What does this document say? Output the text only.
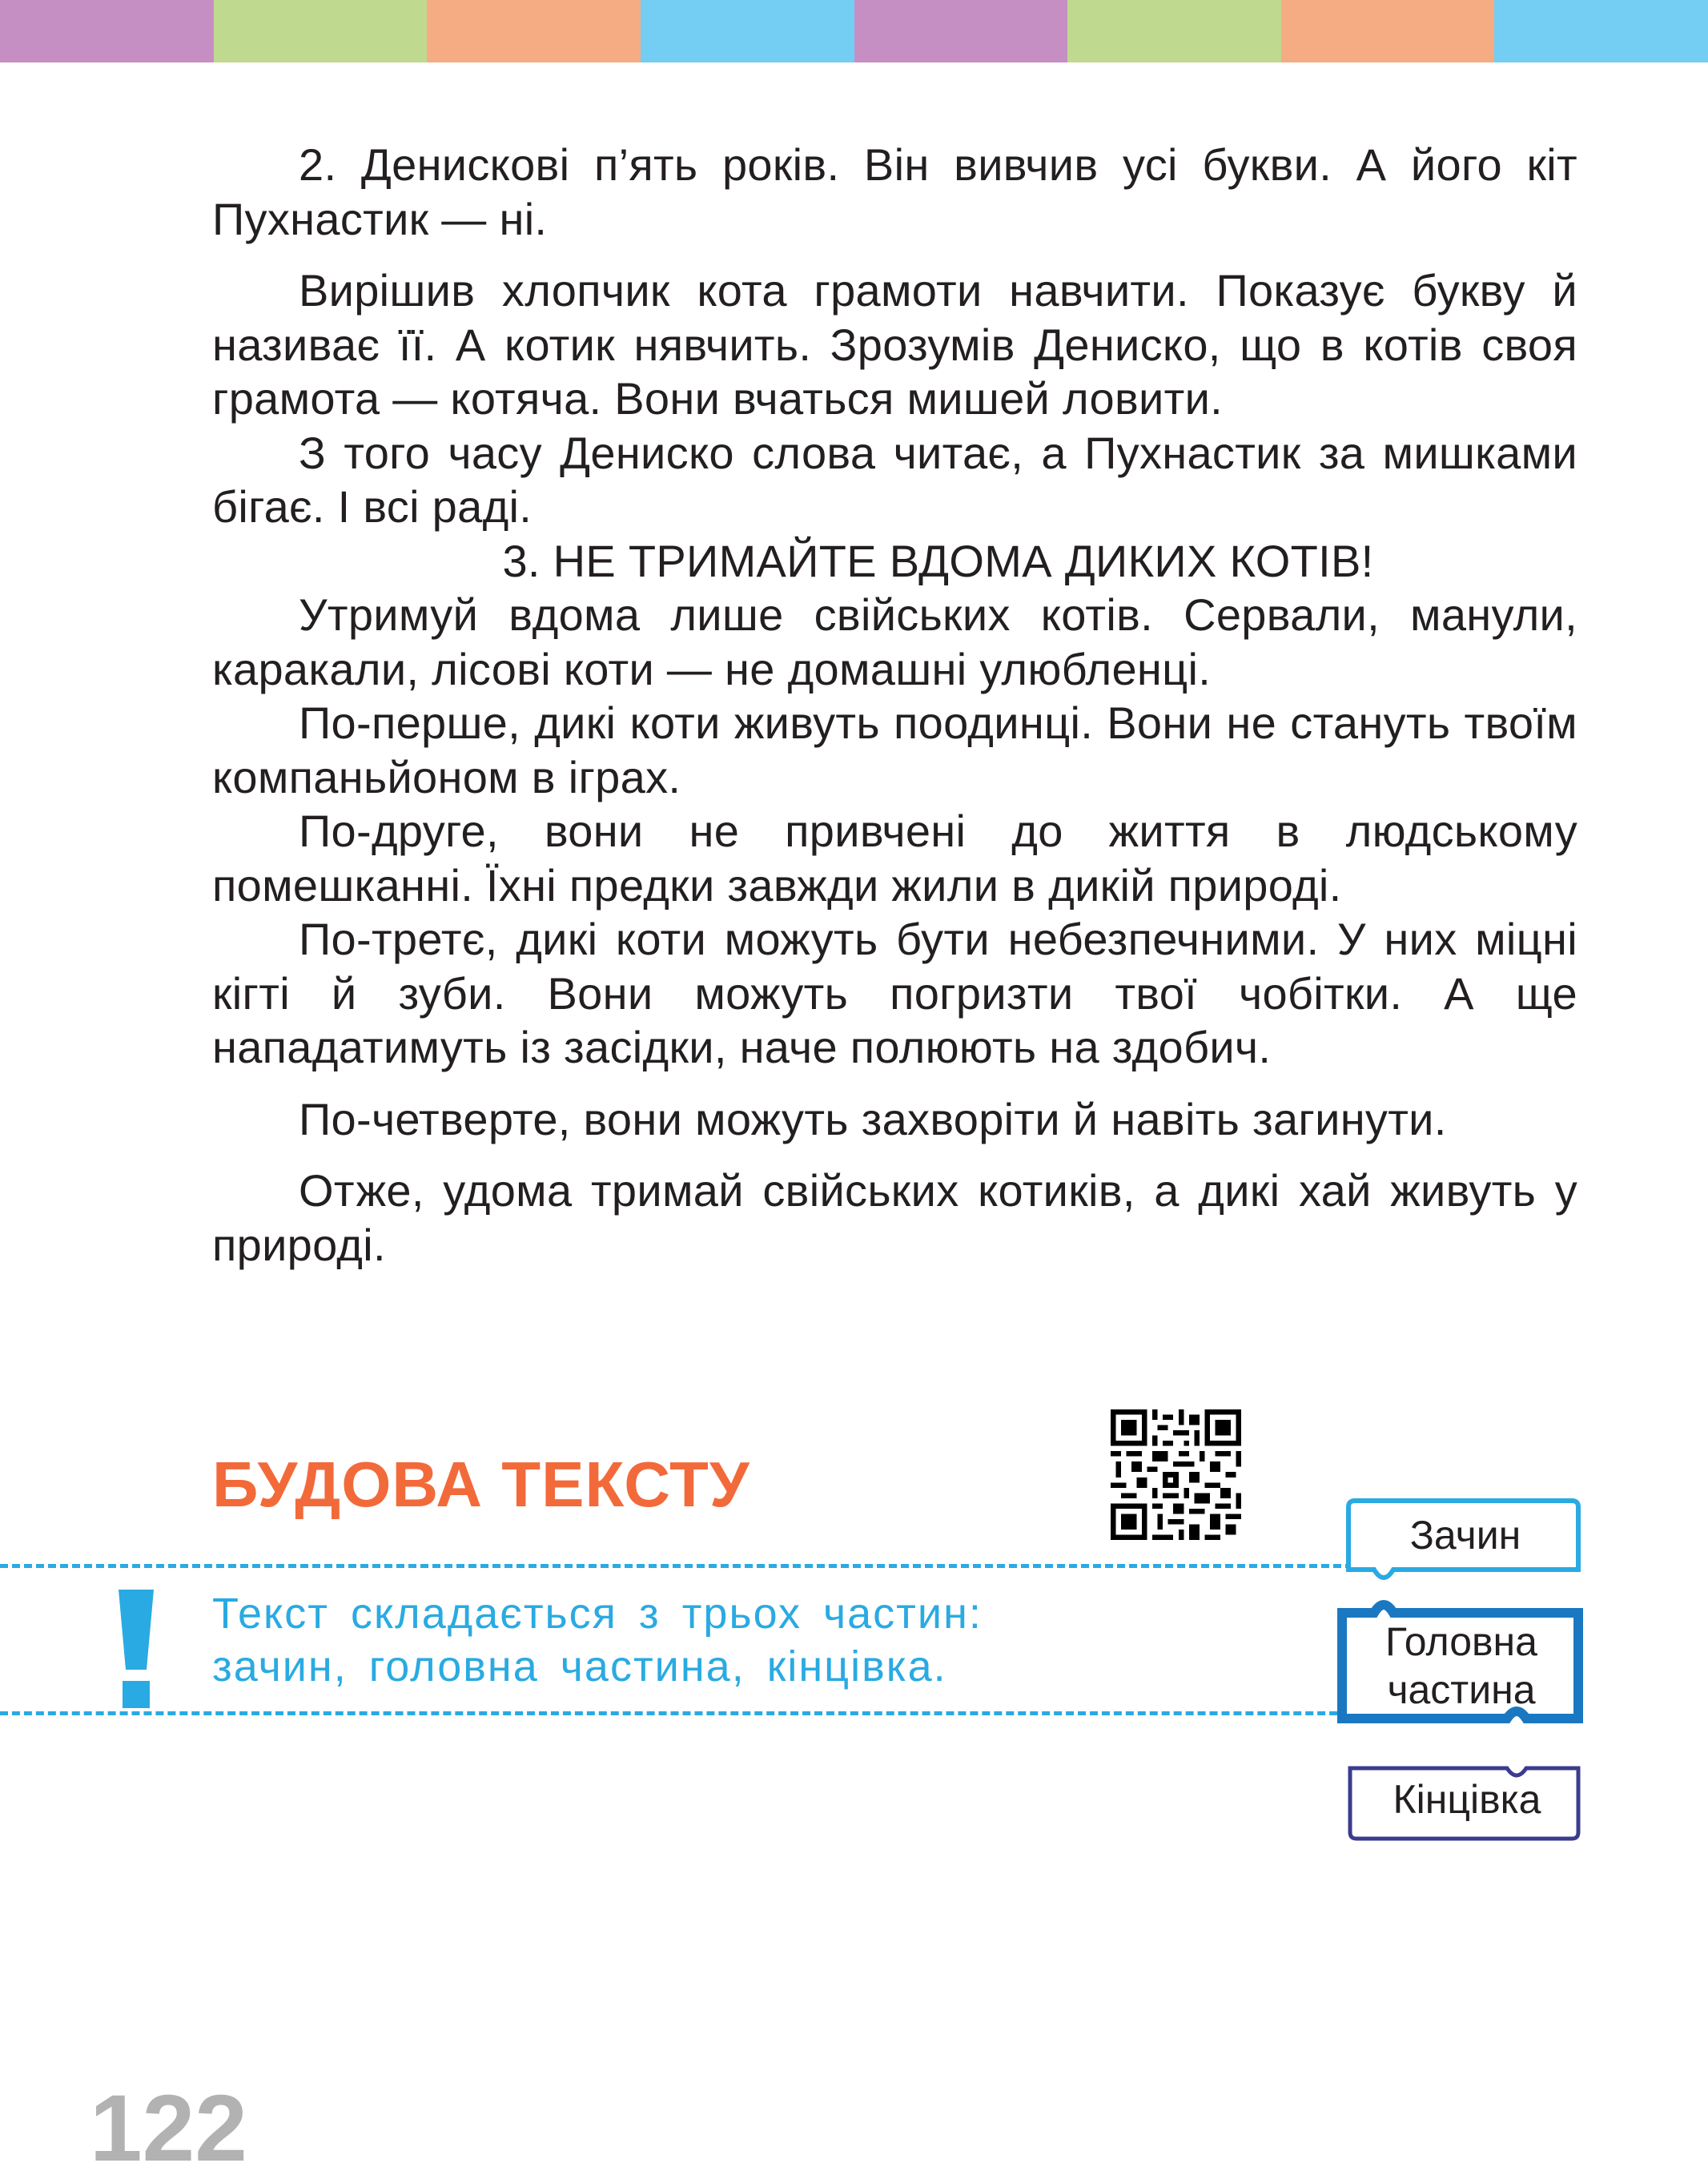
2. Денискові п’ять років. Він вивчив усі букви. А його кіт Пухнастик — ні.

Вирішив хлопчик кота грамоти навчити. Показує букву й називає її. А котик нявчить. Зрозумів Дениско, що в котів своя грамота — котяча. Вони вчаться мишей ловити.

З того часу Дениско слова читає, а Пухнастик за мишками бігає. І всі раді.

3. НЕ ТРИМАЙТЕ ВДОМА ДИКИХ КОТІВ!

Утримуй вдома лише свійських котів. Сервали, манули, каракали, лісові коти — не домашні улюбленці.

По-перше, дикі коти живуть поодинці. Вони не стануть твоїм компаньйоном в іграх.

По-друге, вони не привчені до життя в людському помешканні. Їхні предки завжди жили в дикій природі.

По-третє, дикі коти можуть бути небезпечними. У них міцні кігті й зуби. Вони можуть погризти твої чобітки. А ще нападатимуть із засідки, наче полюють на здобич.

По-четверте, вони можуть захворіти й навіть загинути.

Отже, удома тримай свійських котиків, а дикі хай живуть у природі.

БУДОВА ТЕКСТУ
Текст складається з трьох частин: зачин, головна частина, кінцівка.
Зачин
Головна частина
Кінцівка
122
